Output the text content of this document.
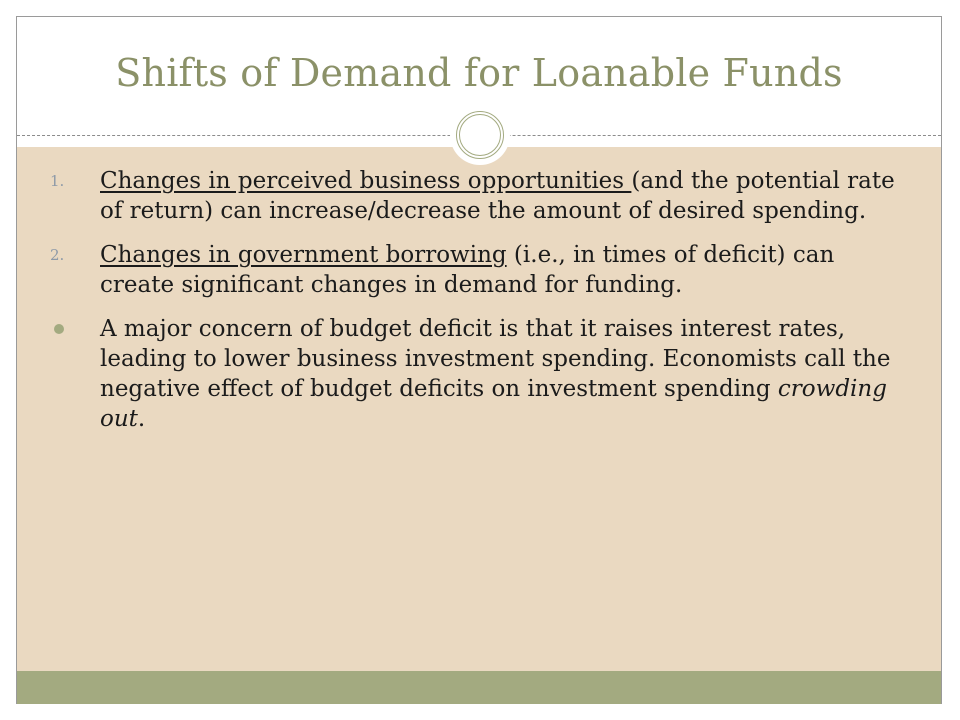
Shifts of Demand for Loanable Funds
1.	Changes in perceived business opportunities (and the potential rate of return) can increase/decrease the amount of desired spending.
2.	Changes in government borrowing (i.e., in times of deficit) can create significant changes in demand for funding.
A major concern of budget deficit is that it raises interest rates, leading to lower business investment spending. Economists call the negative effect of budget deficits on investment spending crowding out.
